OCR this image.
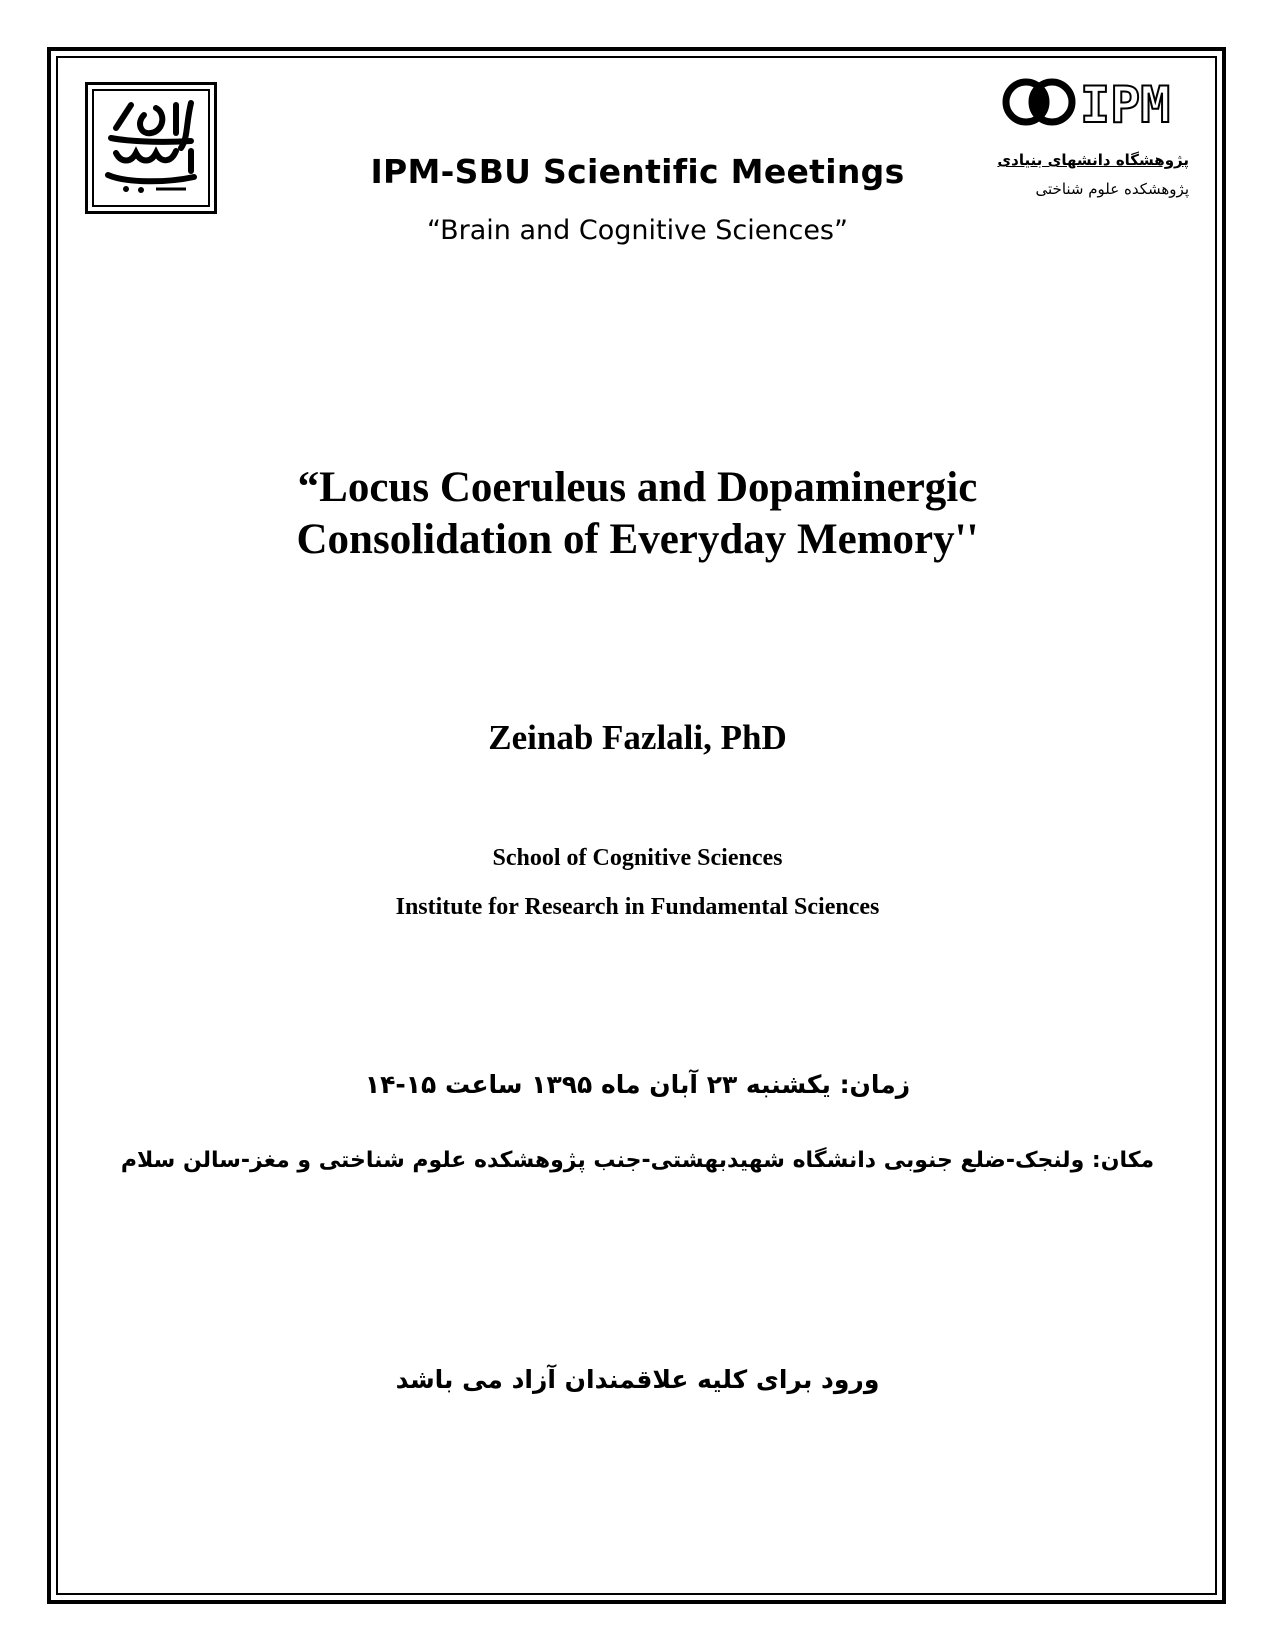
IPM
پژوهشگاه دانشهای بنیادی
پژوهشکده علوم شناختی
IPM-SBU Scientific Meetings
“Brain and Cognitive Sciences”
“Locus Coeruleus and Dopaminergic
Consolidation of Everyday Memory''
Zeinab Fazlali, PhD
School of Cognitive Sciences
Institute for Research in Fundamental Sciences
زمان: یکشنبه ۲۳ آبان ماه ۱۳۹۵ ساعت ۱۵-۱۴
مکان: ولنجک-ضلع جنوبی دانشگاه شهیدبهشتی-جنب پژوهشکده علوم شناختی و مغز-سالن سلام
ورود برای کلیه علاقمندان آزاد می باشد
